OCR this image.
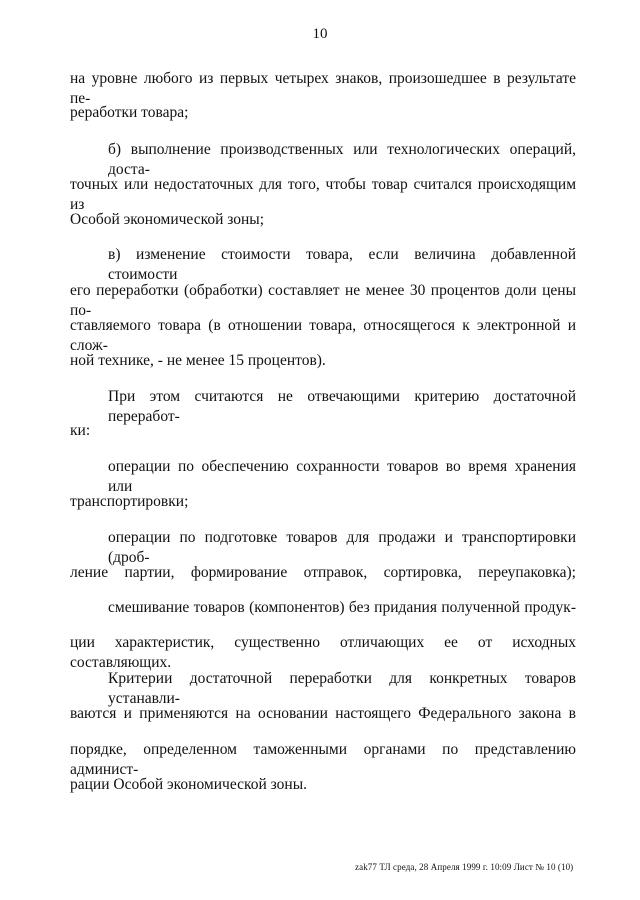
10
на уровне любого из первых четырех знаков, произошедшее в результате пе-
реработки товара;
б) выполнение производственных или технологических операций, доста-
точных или недостаточных для того, чтобы товар считался происходящим из
Особой экономической зоны;
в) изменение стоимости товара, если величина добавленной стоимости
его переработки (обработки) составляет не менее 30 процентов доли цены по-
ставляемого товара (в отношении товара, относящегося к электронной и слож-
ной технике, - не менее 15 процентов).
При этом считаются не отвечающими критерию достаточной переработ-
ки:
операции по обеспечению сохранности товаров во время хранения или
транспортировки;
операции по подготовке товаров для продажи и транспортировки (дроб-
ление партии, формирование отправок, сортировка, переупаковка);
смешивание товаров (компонентов) без придания полученной продук-
ции характеристик, существенно отличающих ее от исходных составляющих.
Критерии достаточной переработки для конкретных товаров устанавли-
ваются и применяются на основании настоящего Федерального закона в
порядке, определенном таможенными органами по представлению админист-
рации Особой экономической зоны.
zak77 ТЛ среда, 28 Апреля 1999 г. 10:09 Лист № 10 (10)
